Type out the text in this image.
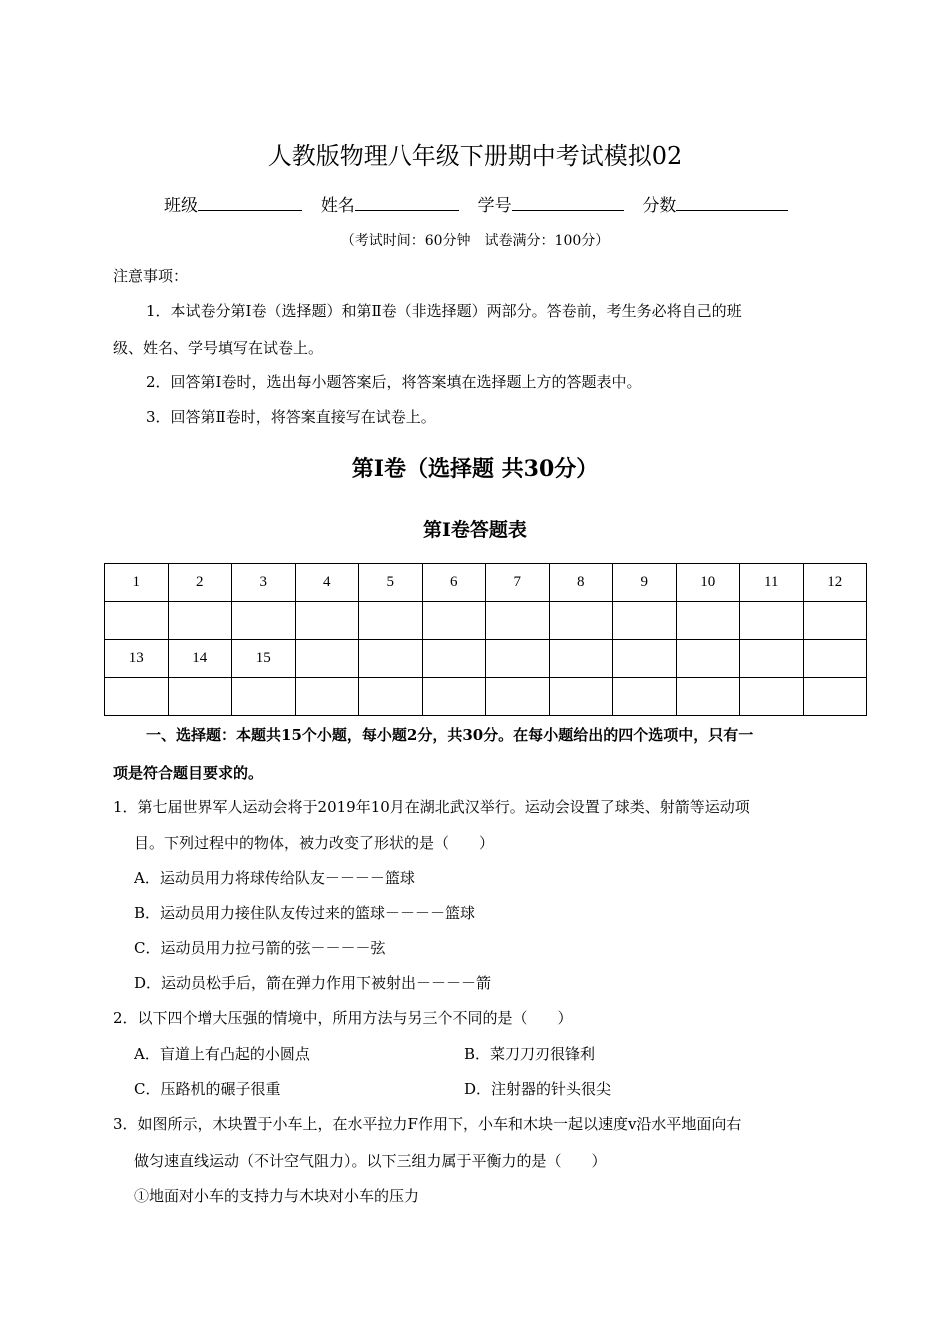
人教版物理八年级下册期中考试模拟02
班级	姓名	学号	分数
（考试时间：60分钟　试卷满分：100分）
注意事项：
1．本试卷分第Ⅰ卷（选择题）和第Ⅱ卷（非选择题）两部分。答卷前，考生务必将自己的班
级、姓名、学号填写在试卷上。
2．回答第Ⅰ卷时，选出每小题答案后，将答案填在选择题上方的答题表中。
3．回答第Ⅱ卷时，将答案直接写在试卷上。
第Ⅰ卷（选择题 共30分）
第Ⅰ卷答题表
1	2	3	4	5	6	7	8	9	10	11	12

13	14	15									

一、选择题：本题共15个小题，每小题2分，共30分。在每小题给出的四个选项中，只有一
项是符合题目要求的。
1．第七届世界军人运动会将于2019年10月在湖北武汉举行。运动会设置了球类、射箭等运动项
目。下列过程中的物体，被力改变了形状的是（　　）
A．运动员用力将球传给队友－－－－篮球
B．运动员用力接住队友传过来的篮球－－－－篮球
C．运动员用力拉弓箭的弦－－－－弦
D．运动员松手后，箭在弹力作用下被射出－－－－箭
2．以下四个增大压强的情境中，所用方法与另三个不同的是（　　）
A．盲道上有凸起的小圆点	B．菜刀刀刃很锋利
C．压路机的碾子很重	D．注射器的针头很尖
3．如图所示，木块置于小车上，在水平拉力F作用下，小车和木块一起以速度v沿水平地面向右
做匀速直线运动（不计空气阻力）。以下三组力属于平衡力的是（　　）
①地面对小车的支持力与木块对小车的压力
